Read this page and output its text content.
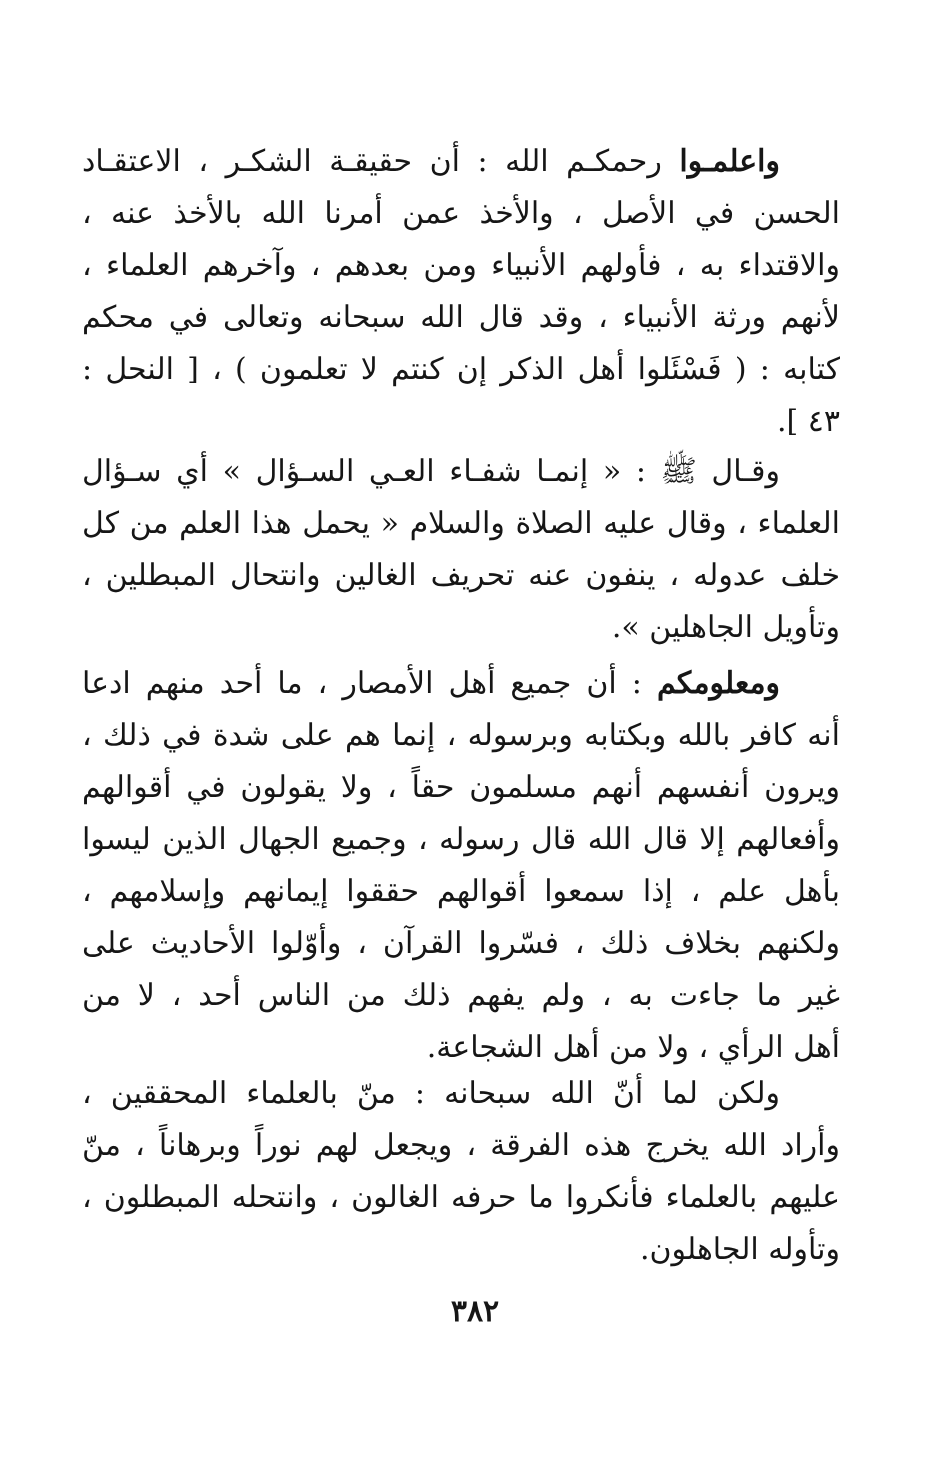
واعلمـوا رحمكـم الله : أن حقيقـة الشكـر ، الاعتقـاد
الحسن في الأصل ، والأخذ عمن أمرنا الله بالأخذ عنه ،
والاقتداء به ، فأولهم الأنبياء ومن بعدهم ، وآخرهم العلماء ،
لأنهم ورثة الأنبياء ، وقد قال الله سبحانه وتعالى في محكم
كتابه : ( فَسْئَلوا أهل الذكر إن كنتم لا تعلمون ) ، [ النحل :
٤٣ ].
وقـال ﷺ : « إنمـا شفـاء العـي السـؤال » أي سـؤال
العلماء ، وقال عليه الصلاة والسلام « يحمل هذا العلم من كل
خلف عدوله ، ينفون عنه تحريف الغالين وانتحال المبطلين ،
وتأويل الجاهلين ».
ومعلومكم : أن جميع أهل الأمصار ، ما أحد منهم ادعا
أنه كافر بالله وبكتابه وبرسوله ، إنما هم على شدة في ذلك ،
ويرون أنفسهم أنهم مسلمون حقاً ، ولا يقولون في أقوالهم
وأفعالهم إلا قال الله قال رسوله ، وجميع الجهال الذين ليسوا
بأهل علم ، إذا سمعوا أقوالهم حققوا إيمانهم وإسلامهم ،
ولكنهم بخلاف ذلك ، فسّروا القرآن ، وأوّلوا الأحاديث على
غير ما جاءت به ، ولم يفهم ذلك من الناس أحد ، لا من
أهل الرأي ، ولا من أهل الشجاعة.
ولكن لما أنّ الله سبحانه : منّ بالعلماء المحققين ،
وأراد الله يخرج هذه الفرقة ، ويجعل لهم نوراً وبرهاناً ، منّ
عليهم بالعلماء فأنكروا ما حرفه الغالون ، وانتحله المبطلون ،
وتأوله الجاهلون.
٣٨٢
